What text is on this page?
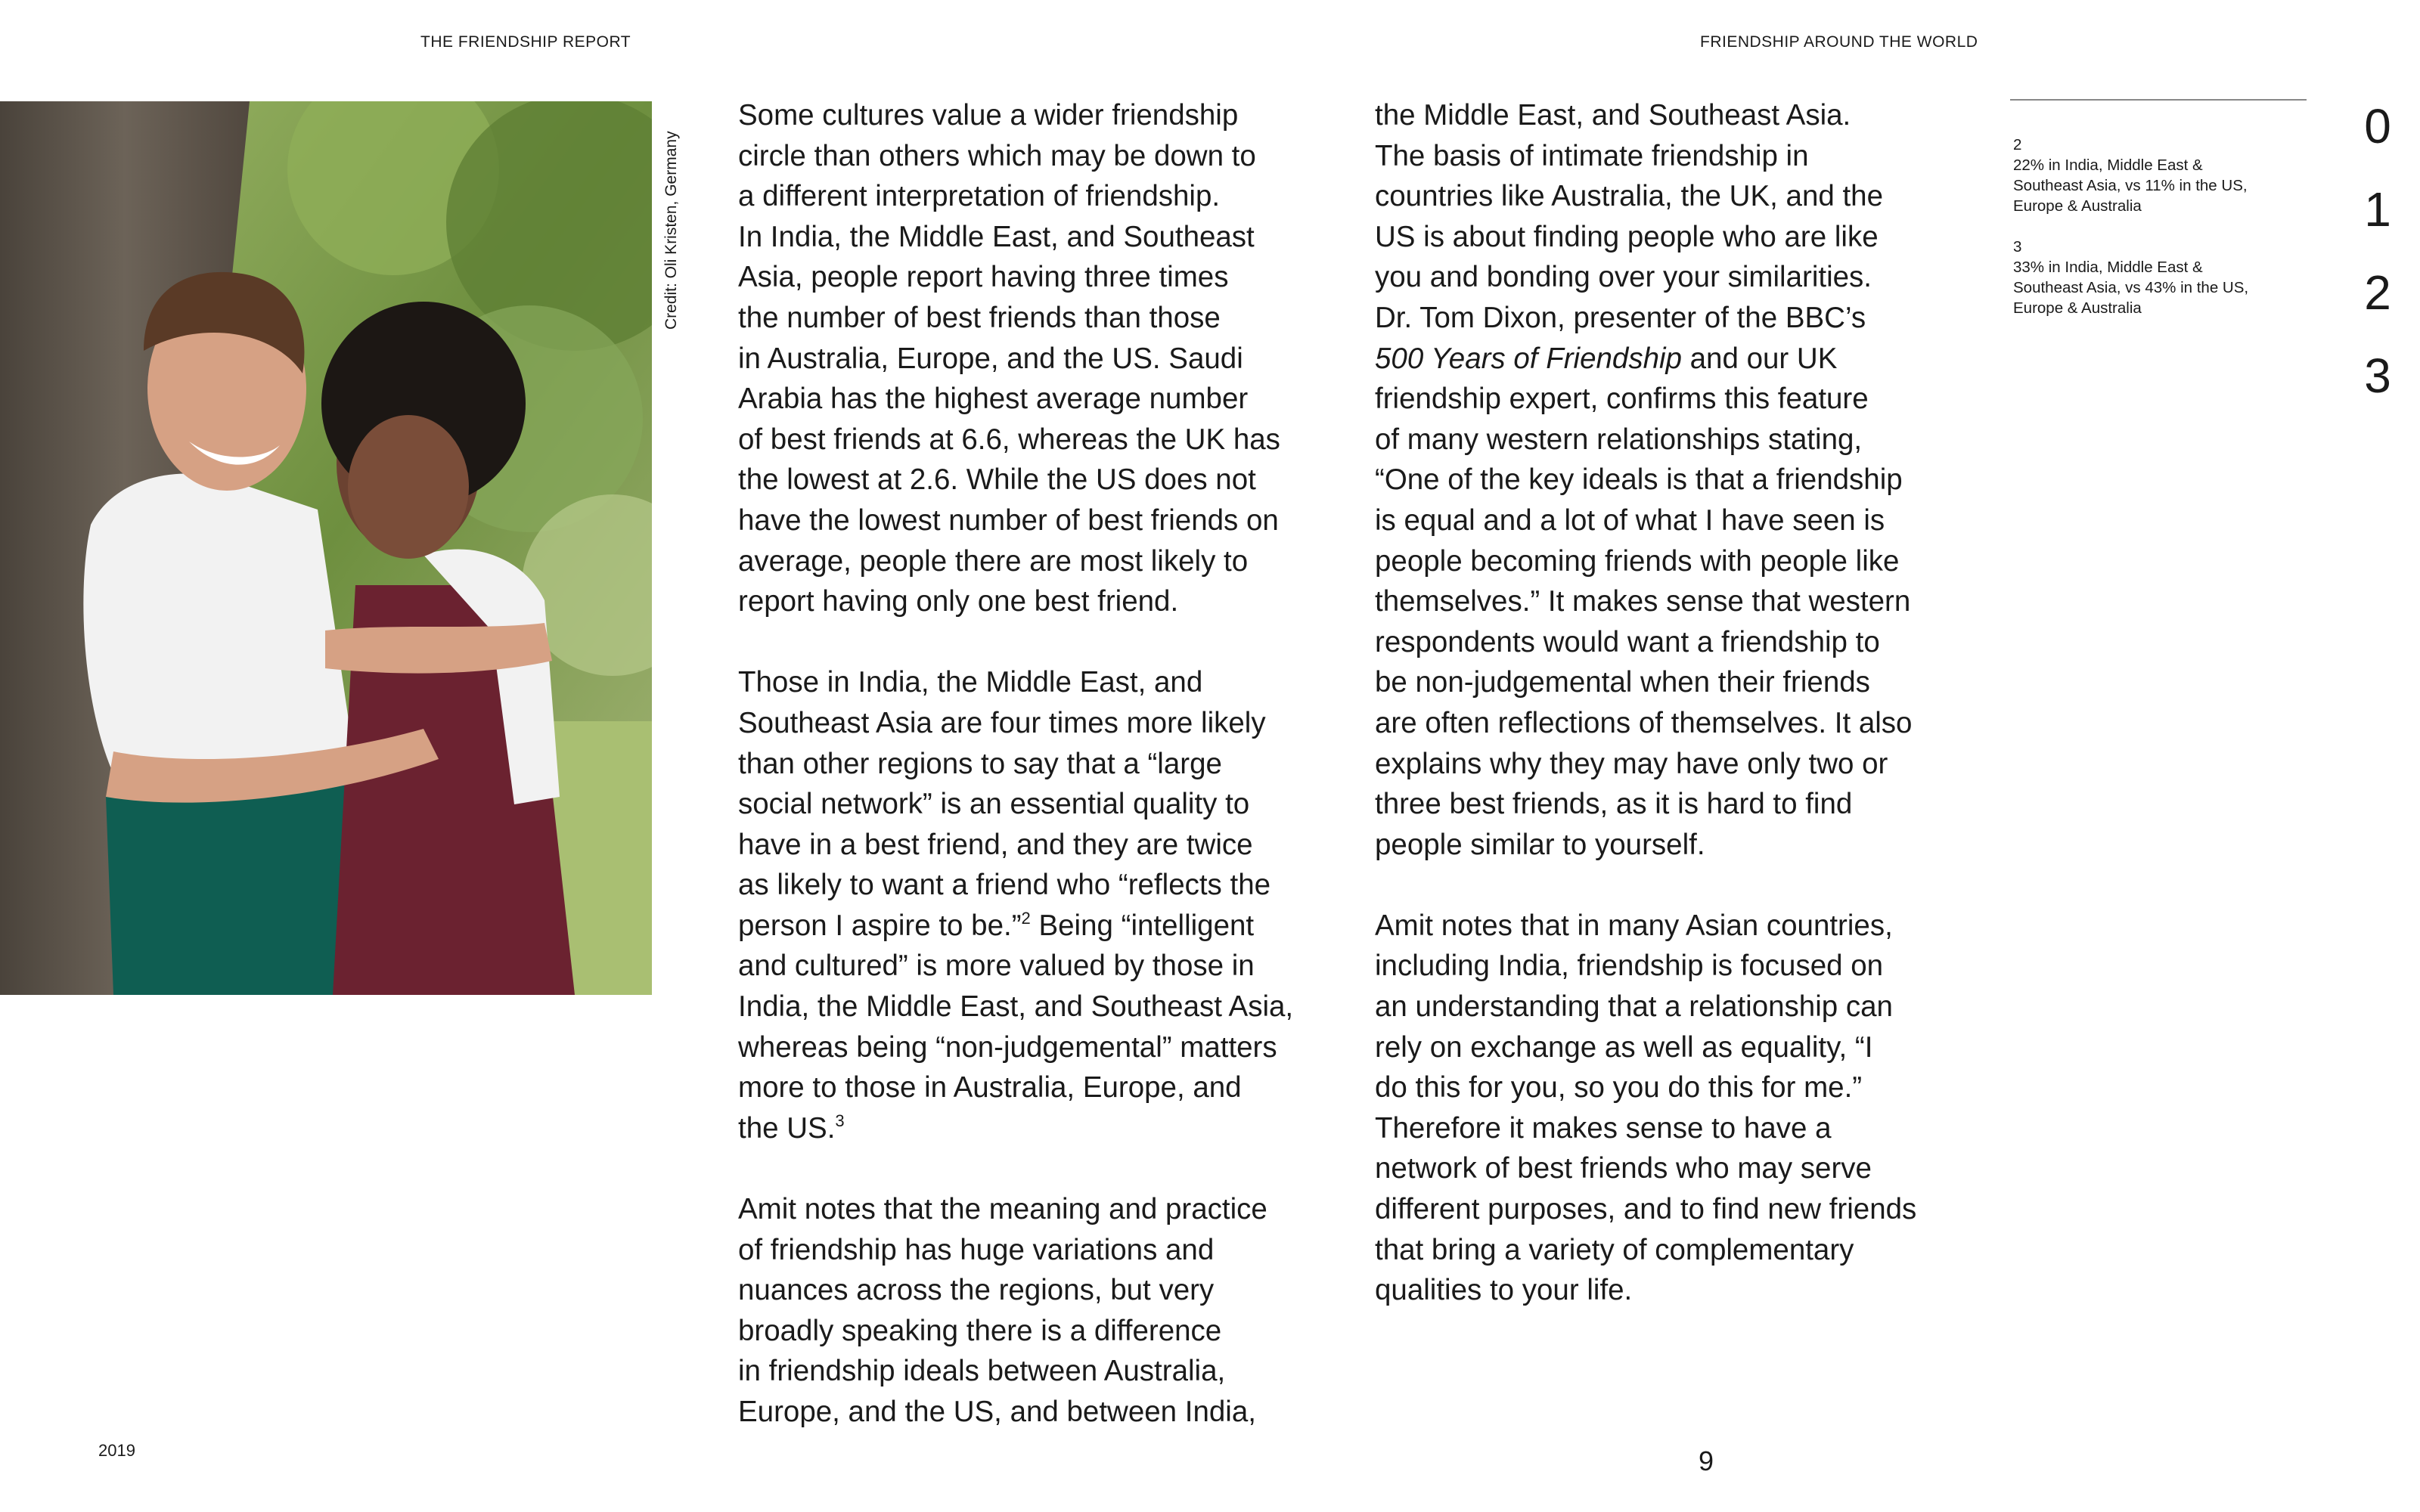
THE FRIENDSHIP REPORT	FRIENDSHIP AROUND THE WORLD
Credit: Oli Kristen, Germany

Some cultures value a wider friendship
circle than others which may be down to
a different interpretation of friendship.
In India, the Middle East, and Southeast
Asia, people report having three times
the number of best friends than those
in Australia, Europe, and the US. Saudi
Arabia has the highest average number
of best friends at 6.6, whereas the UK has
the lowest at 2.6. While the US does not
have the lowest number of best friends on
average, people there are most likely to
report having only one best friend.

Those in India, the Middle East, and
Southeast Asia are four times more likely
than other regions to say that a “large
social network” is an essential quality to
have in a best friend, and they are twice
as likely to want a friend who “reflects the
person I aspire to be.”$^2$ Being “intelligent
and cultured” is more valued by those in
India, the Middle East, and Southeast Asia,
whereas being “non-judgemental” matters
more to those in Australia, Europe, and
the US.$^3$

Amit notes that the meaning and practice
of friendship has huge variations and
nuances across the regions, but very
broadly speaking there is a difference
in friendship ideals between Australia,
Europe, and the US, and between India,

the Middle East, and Southeast Asia.
The basis of intimate friendship in
countries like Australia, the UK, and the
US is about finding people who are like
you and bonding over your similarities.
Dr. Tom Dixon, presenter of the BBC’s
500 Years of Friendship and our UK
friendship expert, confirms this feature
of many western relationships stating,
“One of the key ideals is that a friendship
is equal and a lot of what I have seen is
people becoming friends with people like
themselves.” It makes sense that western
respondents would want a friendship to
be non-judgemental when their friends
are often reflections of themselves. It also
explains why they may have only two or
three best friends, as it is hard to find
people similar to yourself.

Amit notes that in many Asian countries,
including India, friendship is focused on
an understanding that a relationship can
rely on exchange as well as equality, “I
do this for you, so you do this for me.”
Therefore it makes sense to have a
network of best friends who may serve
different purposes, and to find new friends
that bring a variety of complementary
qualities to your life.

2
22% in India, Middle East &
Southeast Asia, vs 11% in the US,
Europe & Australia
3
33% in India, Middle East &
Southeast Asia, vs 43% in the US,
Europe & Australia
0
1
2
3
2019	9
